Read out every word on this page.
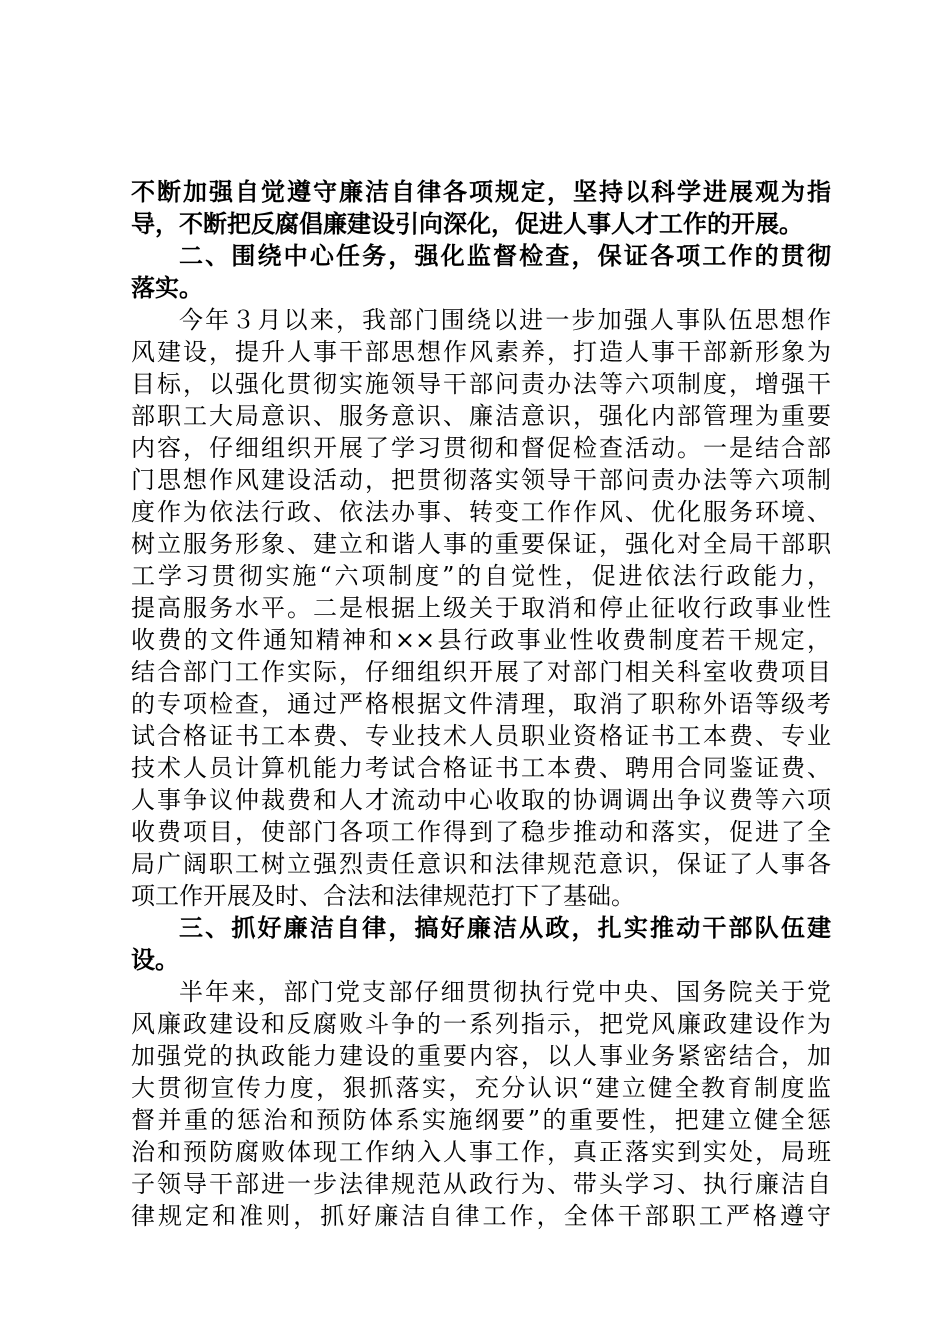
不断加强自觉遵守廉洁自律各项规定，坚持以科学进展观为指
导，不断把反腐倡廉建设引向深化，促进人事人才工作的开展。
二、围绕中心任务，强化监督检查，保证各项工作的贯彻
落实。
今年３月以来，我部门围绕以进一步加强人事队伍思想作
风建设，提升人事干部思想作风素养，打造人事干部新形象为
目标，以强化贯彻实施领导干部问责办法等六项制度，增强干
部职工大局意识、服务意识、廉洁意识，强化内部管理为重要
内容，仔细组织开展了学习贯彻和督促检查活动。一是结合部
门思想作风建设活动，把贯彻落实领导干部问责办法等六项制
度作为依法行政、依法办事、转变工作作风、优化服务环境、
树立服务形象、建立和谐人事的重要保证，强化对全局干部职
工学习贯彻实施“六项制度”的自觉性，促进依法行政能力，
提高服务水平。二是根据上级关于取消和停止征收行政事业性
收费的文件通知精神和××县行政事业性收费制度若干规定，
结合部门工作实际，仔细组织开展了对部门相关科室收费项目
的专项检查，通过严格根据文件清理，取消了职称外语等级考
试合格证书工本费、专业技术人员职业资格证书工本费、专业
技术人员计算机能力考试合格证书工本费、聘用合同鉴证费、
人事争议仲裁费和人才流动中心收取的协调调出争议费等六项
收费项目，使部门各项工作得到了稳步推动和落实，促进了全
局广阔职工树立强烈责任意识和法律规范意识，保证了人事各
项工作开展及时、合法和法律规范打下了基础。
三、抓好廉洁自律，搞好廉洁从政，扎实推动干部队伍建
设。
半年来，部门党支部仔细贯彻执行党中央、国务院关于党
风廉政建设和反腐败斗争的一系列指示，把党风廉政建设作为
加强党的执政能力建设的重要内容，以人事业务紧密结合，加
大贯彻宣传力度，狠抓落实，充分认识“建立健全教育制度监
督并重的惩治和预防体系实施纲要”的重要性，把建立健全惩
治和预防腐败体现工作纳入人事工作，真正落实到实处，局班
子领导干部进一步法律规范从政行为、带头学习、执行廉洁自
律规定和准则，抓好廉洁自律工作，全体干部职工严格遵守
